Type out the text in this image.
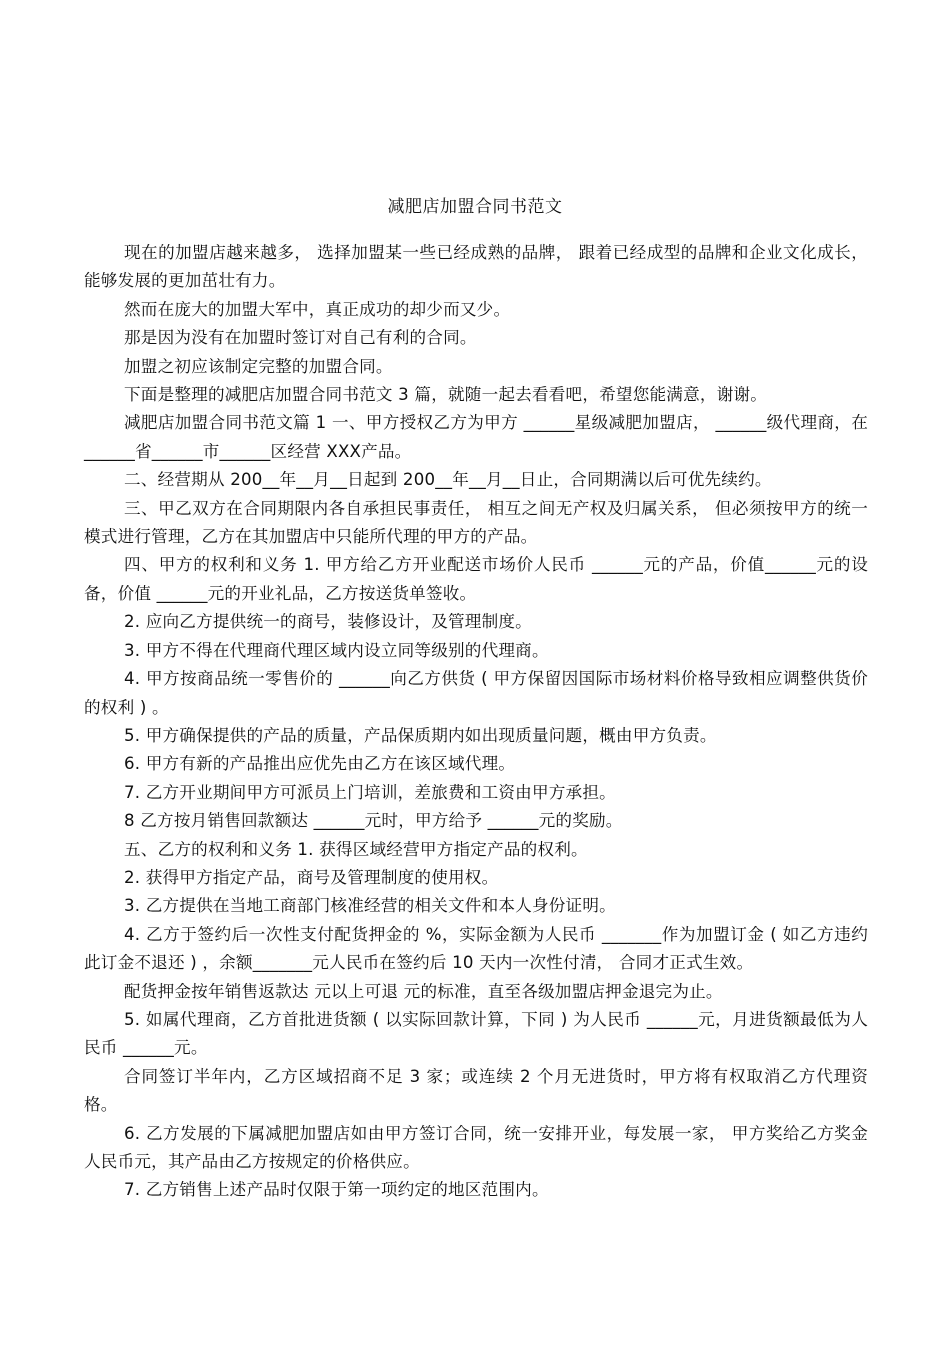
减肥店加盟合同书范文

现在的加盟店越来越多， 选择加盟某一些已经成熟的品牌， 跟着已经成型的品牌和企业文化成长，能够发展的更加茁壮有力。

然而在庞大的加盟大军中，真正成功的却少而又少。

那是因为没有在加盟时签订对自己有利的合同。

加盟之初应该制定完整的加盟合同。

下面是整理的减肥店加盟合同书范文 3 篇，就随一起去看看吧，希望您能满意，谢谢。

减肥店加盟合同书范文篇 1 一、甲方授权乙方为甲方 ______星级减肥加盟店， ______级代理商，在 ______省______市______区经营 XXX产品。

二、经营期从 200__年__月__日起到 200__年__月__日止，合同期满以后可优先续约。

三、甲乙双方在合同期限内各自承担民事责任， 相互之间无产权及归属关系， 但必须按甲方的统一模式进行管理，乙方在其加盟店中只能所代理的甲方的产品。

四、甲方的权利和义务 1. 甲方给乙方开业配送市场价人民币 ______元的产品，价值______元的设备，价值 ______元的开业礼品，乙方按送货单签收。

2. 应向乙方提供统一的商号，装修设计，及管理制度。

3. 甲方不得在代理商代理区域内设立同等级别的代理商。

4. 甲方按商品统一零售价的 ______向乙方供货 ( 甲方保留因国际市场材料价格导致相应调整供货价的权利 ) 。

5. 甲方确保提供的产品的质量，产品保质期内如出现质量问题，概由甲方负责。

6. 甲方有新的产品推出应优先由乙方在该区域代理。

7. 乙方开业期间甲方可派员上门培训，差旅费和工资由甲方承担。

8 乙方按月销售回款额达 ______元时，甲方给予 ______元的奖励。

五、乙方的权利和义务 1. 获得区域经营甲方指定产品的权利。

2. 获得甲方指定产品，商号及管理制度的使用权。

3. 乙方提供在当地工商部门核准经营的相关文件和本人身份证明。

4. 乙方于签约后一次性支付配货押金的 %，实际金额为人民币 _______作为加盟订金 ( 如乙方违约此订金不退还 ) ，余额_______元人民币在签约后 10 天内一次性付清， 合同才正式生效。

配货押金按年销售返款达 元以上可退 元的标准，直至各级加盟店押金退完为止。

5. 如属代理商，乙方首批进货额 ( 以实际回款计算，下同 ) 为人民币 ______元，月进货额最低为人民币 ______元。

合同签订半年内，乙方区域招商不足 3 家；或连续 2 个月无进货时，甲方将有权取消乙方代理资格。

6. 乙方发展的下属减肥加盟店如由甲方签订合同，统一安排开业，每发展一家， 甲方奖给乙方奖金人民币元，其产品由乙方按规定的价格供应。

7. 乙方销售上述产品时仅限于第一项约定的地区范围内。
